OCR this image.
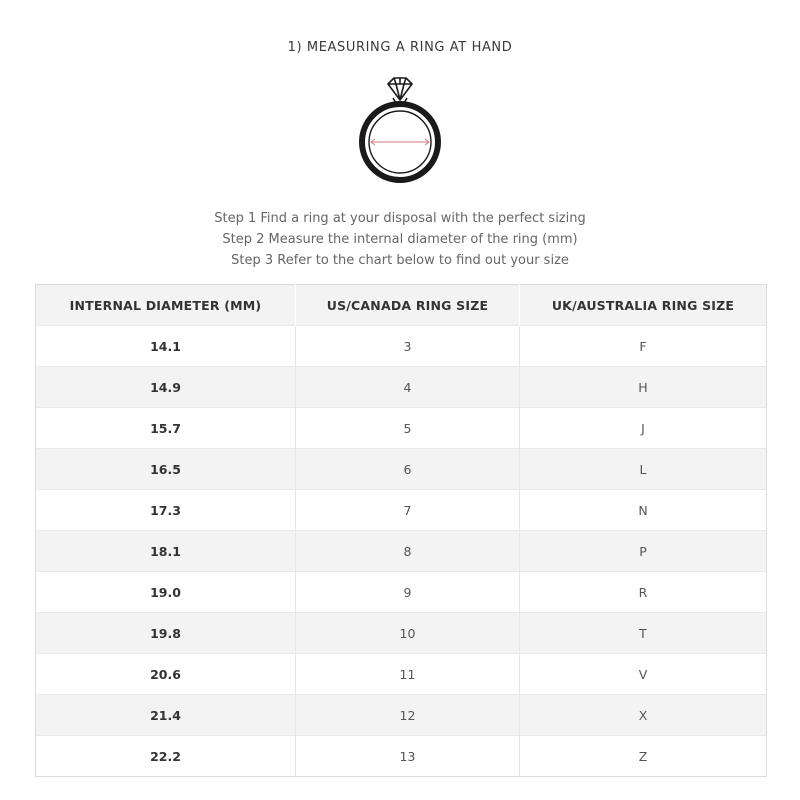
1) MEASURING A RING AT HAND
Step 1 Find a ring at your disposal with the perfect sizing
Step 2 Measure the internal diameter of the ring (mm)
Step 3 Refer to the chart below to find out your size
INTERNAL DIAMETER (MM)	US/CANADA RING SIZE	UK/AUSTRALIA RING SIZE
14.1	3	F
14.9	4	H
15.7	5	J
16.5	6	L
17.3	7	N
18.1	8	P
19.0	9	R
19.8	10	T
20.6	11	V
21.4	12	X
22.2	13	Z
